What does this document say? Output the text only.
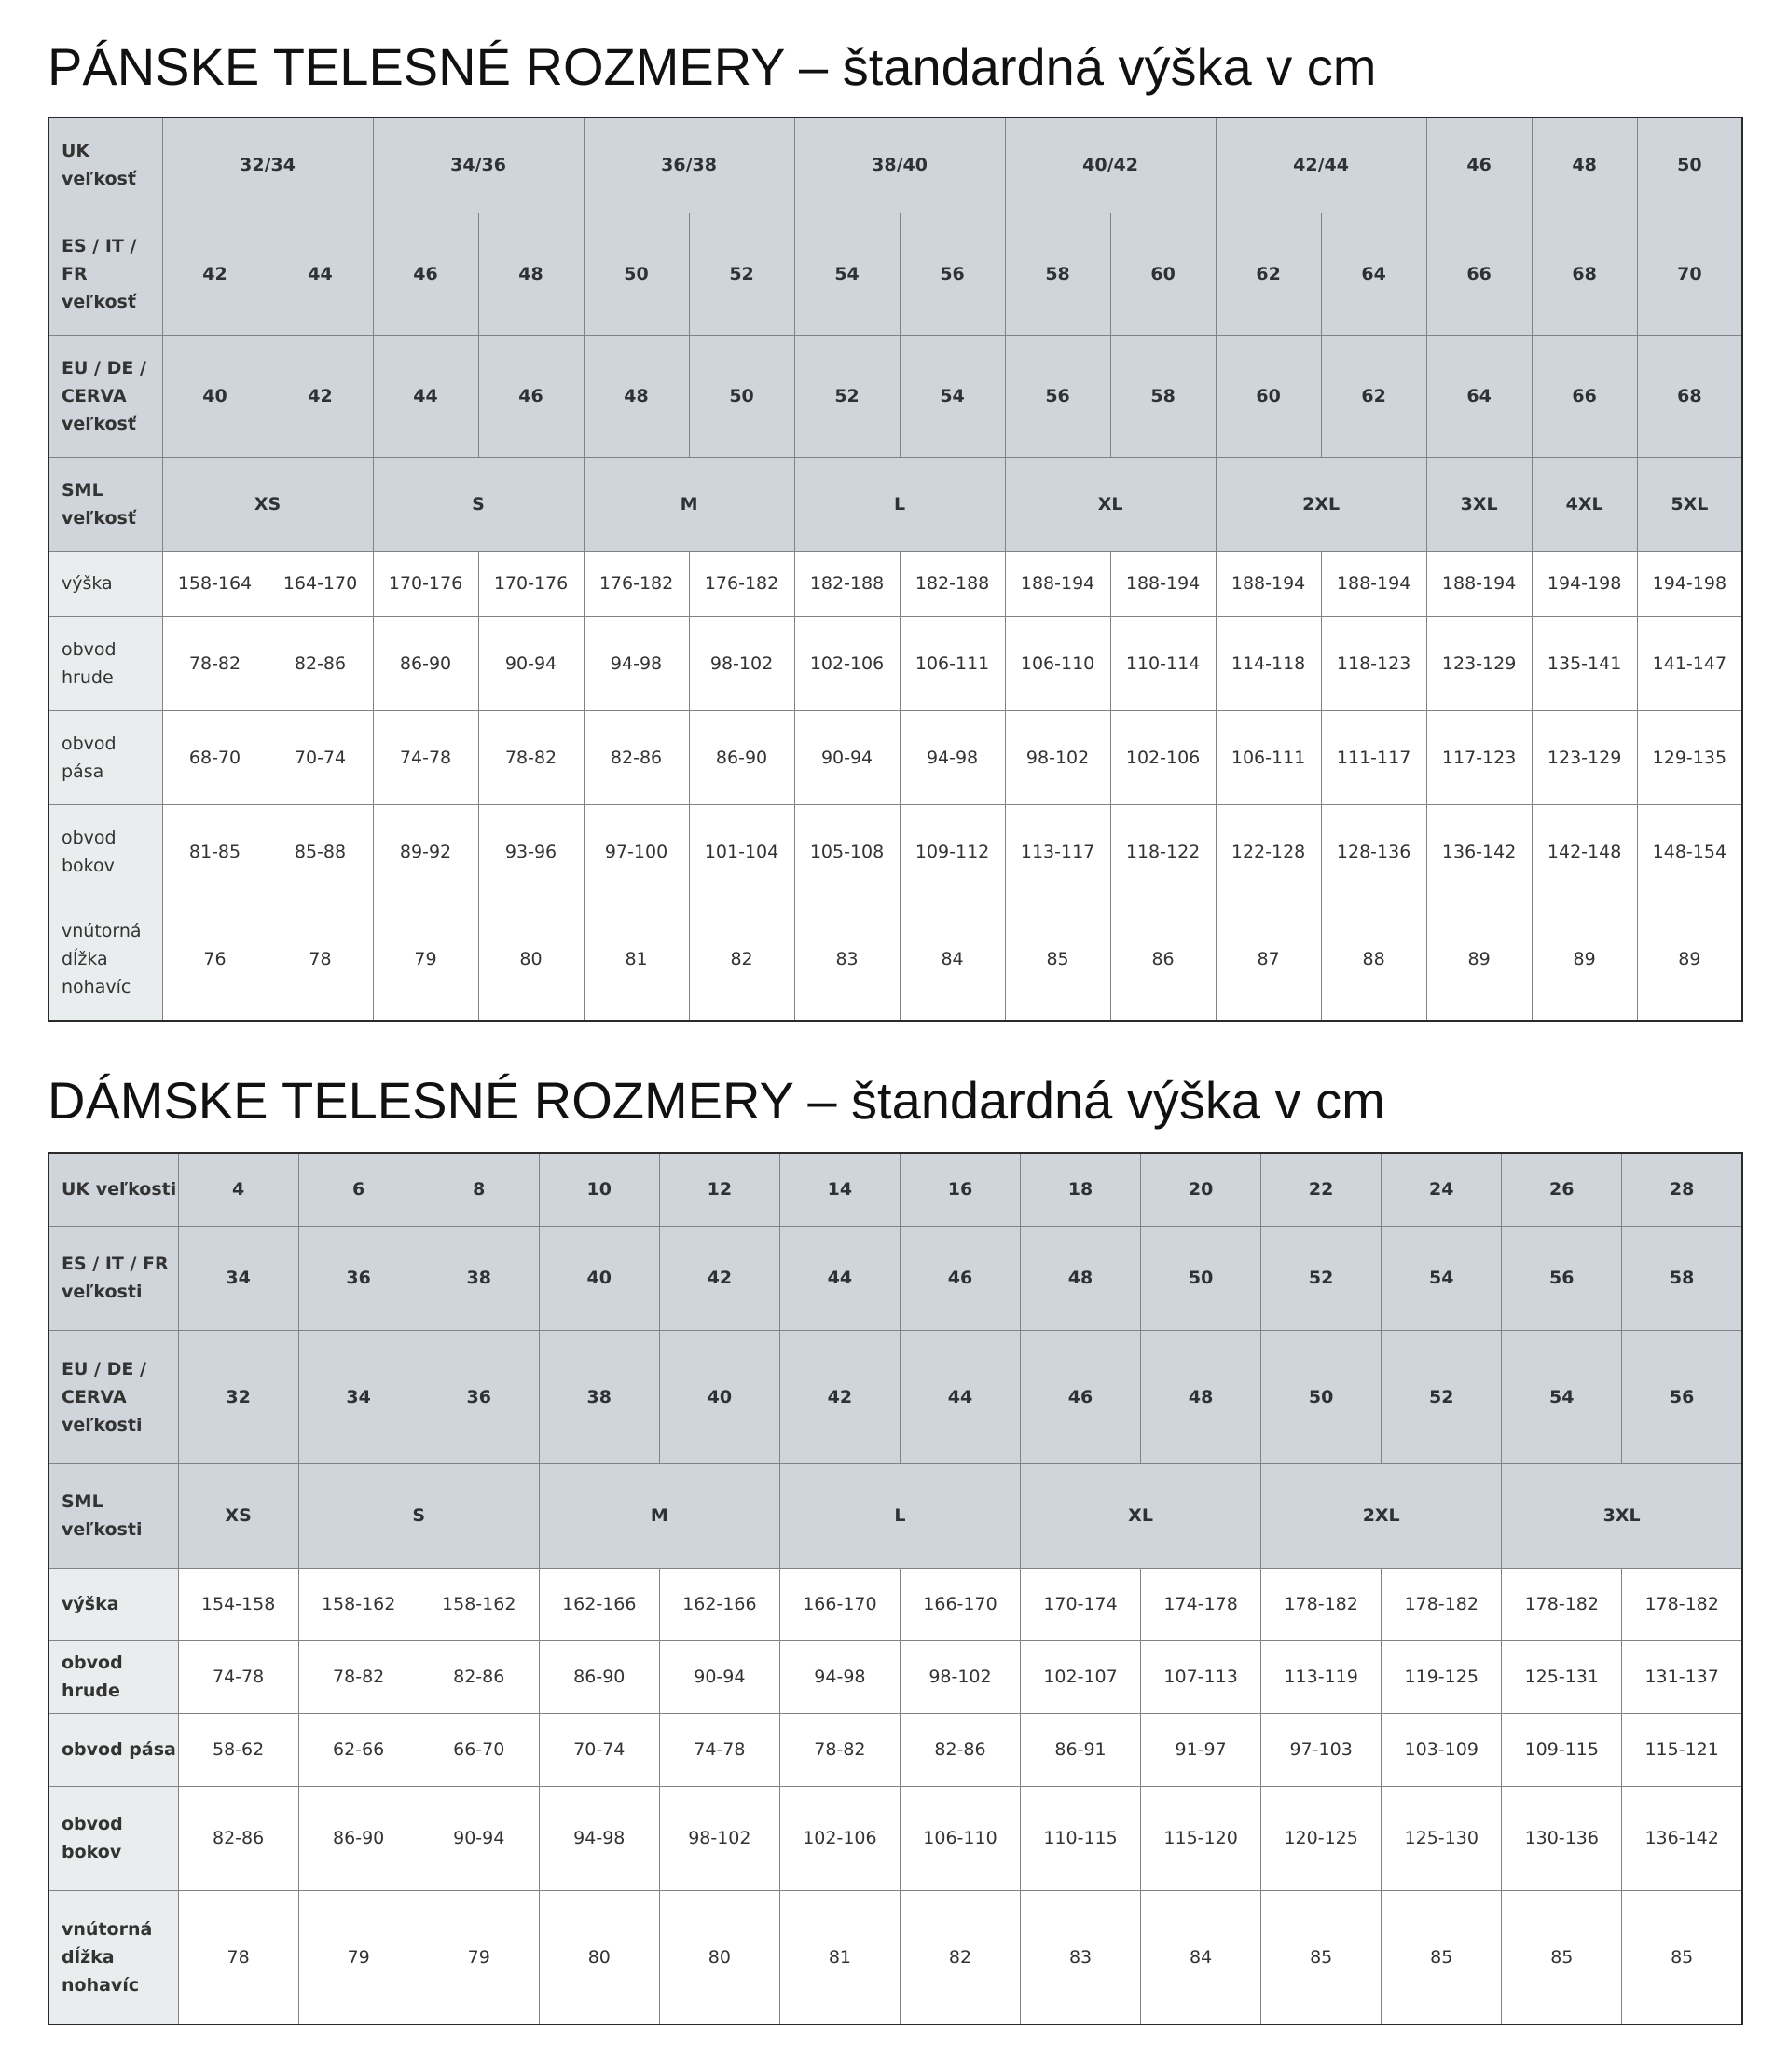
PÁNSKE TELESNÉ ROZMERY – štandardná výška v cm
UK
veľkosť	32/34		34/36		36/38		38/40		40/42		42/44		46	48	50
ES / IT /
FR
veľkosť	42	44	46	48	50	52	54	56	58	60	62	64	66	68	70
EU / DE /
CERVA
veľkosť	40	42	44	46	48	50	52	54	56	58	60	62	64	66	68
SML
veľkosť	XS		S		M		L		XL		2XL		3XL	4XL	5XL
výška	158-164	164-170	170-176	170-176	176-182	176-182	182-188	182-188	188-194	188-194	188-194	188-194	188-194	194-198	194-198
obvod
hrude	78-82	82-86	86-90	90-94	94-98	98-102	102-106	106-111	106-110	110-114	114-118	118-123	123-129	135-141	141-147
obvod
pása	68-70	70-74	74-78	78-82	82-86	86-90	90-94	94-98	98-102	102-106	106-111	111-117	117-123	123-129	129-135
obvod
bokov	81-85	85-88	89-92	93-96	97-100	101-104	105-108	109-112	113-117	118-122	122-128	128-136	136-142	142-148	148-154
vnútorná
dĺžka
nohavíc	76	78	79	80	81	82	83	84	85	86	87	88	89	89	89
DÁMSKE TELESNÉ ROZMERY – štandardná výška v cm
UK veľkosti	4	6	8	10	12	14	16	18	20	22	24	26	28
ES / IT / FR
veľkosti	34	36	38	40	42	44	46	48	50	52	54	56	58
EU / DE /
CERVA
veľkosti	32	34	36	38	40	42	44	46	48	50	52	54	56
SML
veľkosti	XS	S		M		L		XL		2XL		3XL	
výška	154-158	158-162	158-162	162-166	162-166	166-170	166-170	170-174	174-178	178-182	178-182	178-182	178-182
obvod hrude	74-78	78-82	82-86	86-90	90-94	94-98	98-102	102-107	107-113	113-119	119-125	125-131	131-137
obvod pása	58-62	62-66	66-70	70-74	74-78	78-82	82-86	86-91	91-97	97-103	103-109	109-115	115-121
obvod
bokov	82-86	86-90	90-94	94-98	98-102	102-106	106-110	110-115	115-120	120-125	125-130	130-136	136-142
vnútorná
dĺžka
nohavíc	78	79	79	80	80	81	82	83	84	85	85	85	85
